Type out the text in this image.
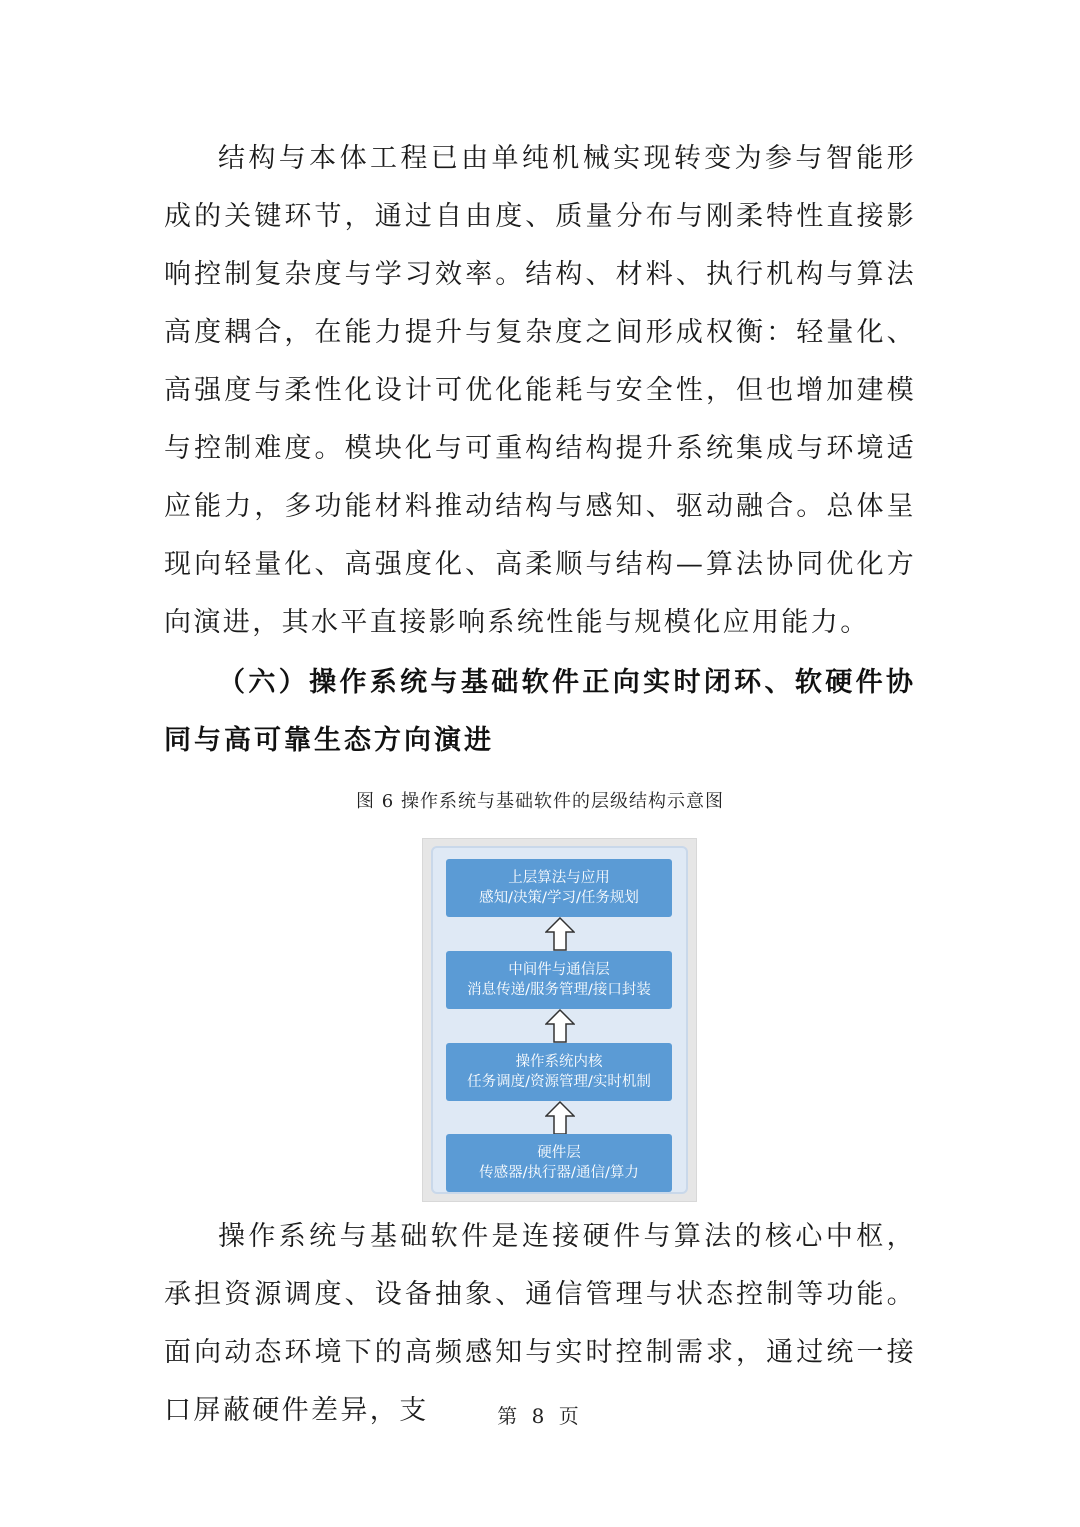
结构与本体工程已由单纯机械实现转变为参与智能形成的关键环节，通过自由度、质量分布与刚柔特性直接影响控制复杂度与学习效率。结构、材料、执行机构与算法高度耦合，在能力提升与复杂度之间形成权衡：轻量化、高强度与柔性化设计可优化能耗与安全性，但也增加建模与控制难度。模块化与可重构结构提升系统集成与环境适应能力，多功能材料推动结构与感知、驱动融合。总体呈现向轻量化、高强度化、高柔顺与结构—算法协同优化方向演进，其水平直接影响系统性能与规模化应用能力。

（六）操作系统与基础软件正向实时闭环、软硬件协同与高可靠生态方向演进

图 6 操作系统与基础软件的层级结构示意图
上层算法与应用
感知/决策/学习/任务规划
中间件与通信层
消息传递/服务管理/接口封装
操作系统内核
任务调度/资源管理/实时机制
硬件层
传感器/执行器/通信/算力

操作系统与基础软件是连接硬件与算法的核心中枢，承担资源调度、设备抽象、通信管理与状态控制等功能。面向动态环境下的高频感知与实时控制需求，通过统一接口屏蔽硬件差异，支	第 8 页
